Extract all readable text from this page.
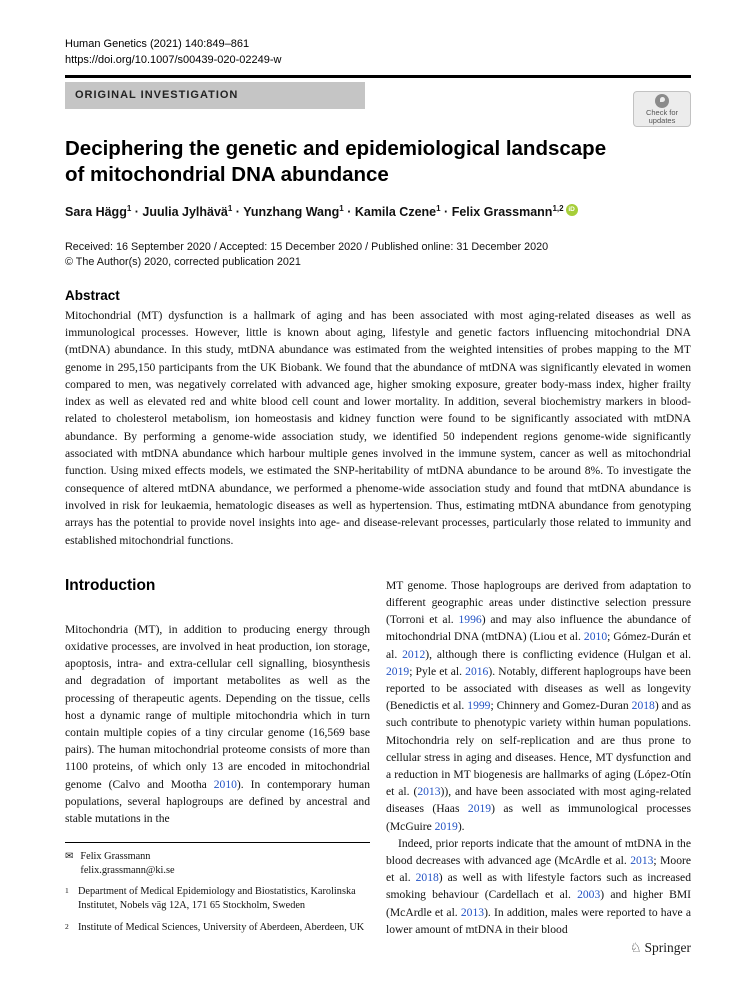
Human Genetics (2021) 140:849–861
https://doi.org/10.1007/s00439-020-02249-w
ORIGINAL INVESTIGATION
Check for
updates
Deciphering the genetic and epidemiological landscape
of mitochondrial DNA abundance
Sara Hägg$^1$ · Juulia Jylhävä$^1$ · Yunzhang Wang$^1$ · Kamila Czene$^1$ · Felix Grassmann$^{1,2}$ iD
Received: 16 September 2020 / Accepted: 15 December 2020 / Published online: 31 December 2020
© The Author(s) 2020, corrected publication 2021
Abstract
Mitochondrial (MT) dysfunction is a hallmark of aging and has been associated with most aging-related diseases as well as immunological processes. However, little is known about aging, lifestyle and genetic factors influencing mitochondrial DNA (mtDNA) abundance. In this study, mtDNA abundance was estimated from the weighted intensities of probes mapping to the MT genome in 295,150 participants from the UK Biobank. We found that the abundance of mtDNA was significantly elevated in women compared to men, was negatively correlated with advanced age, higher smoking exposure, greater body-mass index, higher frailty index as well as elevated red and white blood cell count and lower mortality. In addition, several biochemistry markers in blood-related to cholesterol metabolism, ion homeostasis and kidney function were found to be significantly associated with mtDNA abundance. By performing a genome-wide association study, we identified 50 independent regions genome-wide significantly associated with mtDNA abundance which harbour multiple genes involved in the immune system, cancer as well as mitochondrial function. Using mixed effects models, we estimated the SNP-heritability of mtDNA abundance to be around 8%. To investigate the consequence of altered mtDNA abundance, we performed a phenome-wide association study and found that mtDNA abundance is involved in risk for leukaemia, hematologic diseases as well as hypertension. Thus, estimating mtDNA abundance from genotyping arrays has the potential to provide novel insights into age- and disease-relevant processes, particularly those related to immunity and established mitochondrial functions.
Introduction
Mitochondria (MT), in addition to producing energy through oxidative processes, are involved in heat production, ion storage, apoptosis, intra- and extra-cellular cell signalling, biosynthesis and degradation of important metabolites as well as the processing of therapeutic agents. Depending on the tissue, cells host a dynamic range of multiple mitochondria which in turn contain multiple copies of a tiny circular genome (16,569 base pairs). The human mitochondrial proteome consists of more than 1100 proteins, of which only 13 are encoded in mitochondrial genome (Calvo and Mootha 2010). In contemporary human populations, several haplogroups are defined by ancestral and stable mutations in the
✉ Felix Grassmann
felix.grassmann@ki.se
1 Department of Medical Epidemiology and Biostatistics, Karolinska Institutet, Nobels väg 12A, 171 65 Stockholm, Sweden
2 Institute of Medical Sciences, University of Aberdeen, Aberdeen, UK
MT genome. Those haplogroups are derived from adaptation to different geographic areas under distinctive selection pressure (Torroni et al. 1996) and may also influence the abundance of mitochondrial DNA (mtDNA) (Liou et al. 2010; Gómez-Durán et al. 2012), although there is conflicting evidence (Hulgan et al. 2019; Pyle et al. 2016). Notably, different haplogroups have been reported to be associated with diseases as well as longevity (Benedictis et al. 1999; Chinnery and Gomez-Duran 2018) and as such contribute to phenotypic variety within human populations. Mitochondria rely on self-replication and are thus prone to cellular stress in aging and diseases. Hence, MT dysfunction and a reduction in MT biogenesis are hallmarks of aging (López-Otín et al. (2013)), and have been associated with most aging-related diseases (Haas 2019) as well as immunological processes (McGuire 2019).
Indeed, prior reports indicate that the amount of mtDNA in the blood decreases with advanced age (McArdle et al. 2013; Moore et al. 2018) as well as with lifestyle factors such as increased smoking behaviour (Cardellach et al. 2003) and higher BMI (McArdle et al. 2013). In addition, males were reported to have a lower amount of mtDNA in their blood
♘ Springer
